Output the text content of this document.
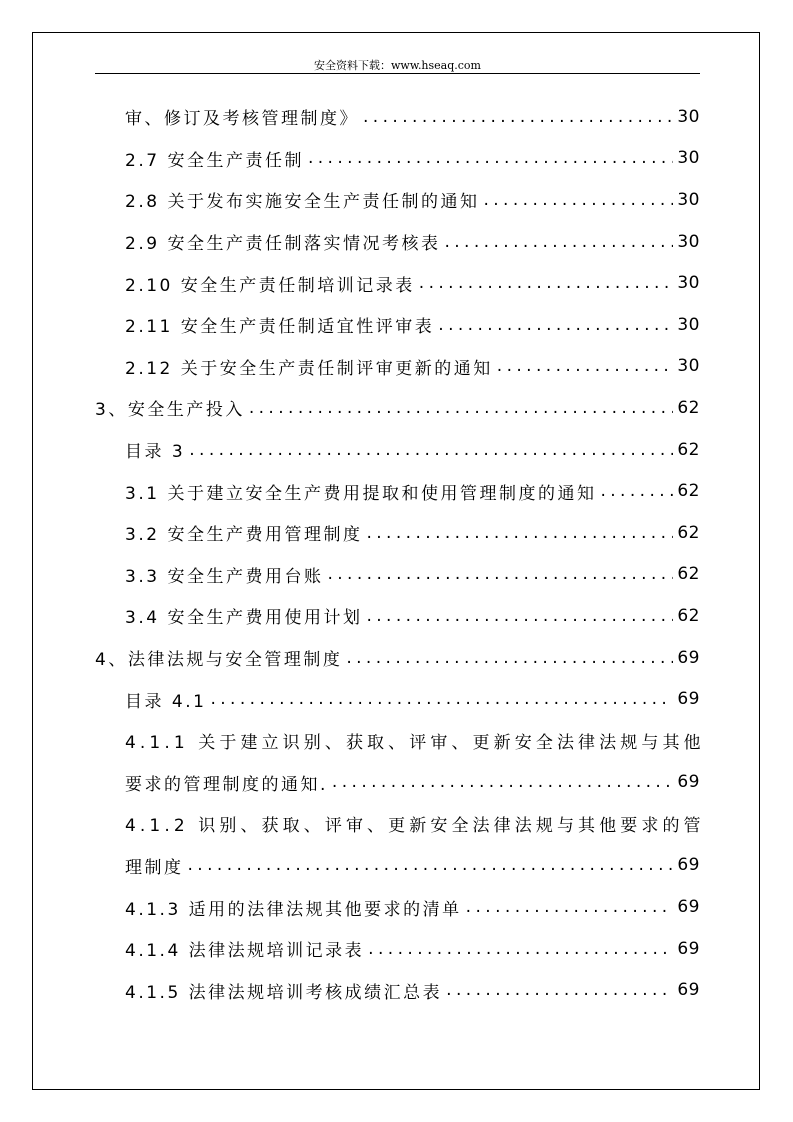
安全资料下载：www.hseaq.com
审、修订及考核管理制度》 .....	30
2.7 安全生产责任制 .....	30
2.8 关于发布实施安全生产责任制的通知 .....	30
2.9 安全生产责任制落实情况考核表 .....	30
2.10 安全生产责任制培训记录表 .....	30
2.11 安全生产责任制适宜性评审表 .....	30
2.12 关于安全生产责任制评审更新的通知 .....	30
3、安全生产投入 .....	62
目录 3 .....	62
3.1 关于建立安全生产费用提取和使用管理制度的通知 .....	62
3.2 安全生产费用管理制度 .....	62
3.3 安全生产费用台账 .....	62
3.4 安全生产费用使用计划 .....	62
4、法律法规与安全管理制度 .....	69
目录 4.1 .....	69
4.1.1 关于建立识别、获取、评审、更新安全法律法规与其他
要求的管理制度的通知. .....	69
4.1.2 识别、获取、评审、更新安全法律法规与其他要求的管
理制度 .....	69
4.1.3 适用的法律法规其他要求的清单 .....	69
4.1.4 法律法规培训记录表 .....	69
4.1.5 法律法规培训考核成绩汇总表 .....	69
